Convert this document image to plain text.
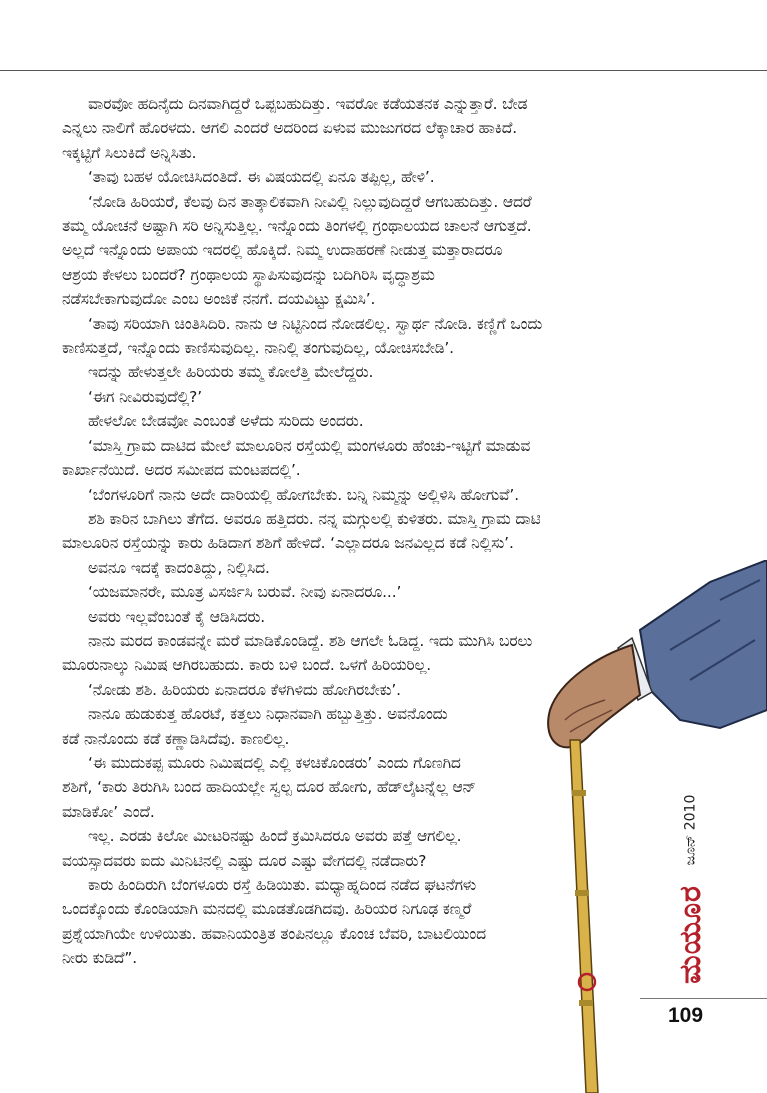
ವಾರವೋ ಹದಿನೈದು ದಿನವಾಗಿದ್ದರೆ ಒಪ್ಪಬಹುದಿತ್ತು. ಇವರೋ ಕಡೆಯತನಕ ಎನ್ನುತ್ತಾರೆ. ಬೇಡ
ಎನ್ನಲು ನಾಲಿಗೆ ಹೊರಳದು. ಆಗಲಿ ಎಂದರೆ ಅದರಿಂದ ಏಳುವ ಮುಜುಗರದ ಲೆಕ್ಕಾಚಾರ ಹಾಕಿದೆ.
ಇಕ್ಕಟ್ಟಿಗೆ ಸಿಲುಕಿದೆ ಅನ್ನಿಸಿತು.

‘ತಾವು ಬಹಳ ಯೋಚಿಸಿದಂತಿದೆ. ಈ ವಿಷಯದಲ್ಲಿ ಏನೂ ತಪ್ಪಿಲ್ಲ, ಹೇಳಿ’.

‘ನೋಡಿ ಹಿರಿಯರೆ, ಕೆಲವು ದಿನ ತಾತ್ಕಾಲಿಕವಾಗಿ ನೀವಿಲ್ಲಿ ನಿಲ್ಲುವುದಿದ್ದರೆ ಆಗಬಹುದಿತ್ತು. ಆದರೆ
ತಮ್ಮ ಯೋಚನೆ ಅಷ್ಟಾಗಿ ಸರಿ ಅನ್ನಿಸುತ್ತಿಲ್ಲ. ಇನ್ನೊಂದು ತಿಂಗಳಲ್ಲಿ ಗ್ರಂಥಾಲಯದ ಚಾಲನೆ ಆಗುತ್ತದೆ.
ಅಲ್ಲದೆ ಇನ್ನೊಂದು ಅಪಾಯ ಇದರಲ್ಲಿ ಹೊಕ್ಕಿದೆ. ನಿಮ್ಮ ಉದಾಹರಣೆ ನೀಡುತ್ತ ಮತ್ತಾರಾದರೂ
ಆಶ್ರಯ ಕೇಳಲು ಬಂದರೆ? ಗ್ರಂಥಾಲಯ ಸ್ಥಾಪಿಸುವುದನ್ನು ಬದಿಗಿರಿಸಿ ವೃದ್ಧಾಶ್ರಮ
ನಡೆಸಬೇಕಾಗುವುದೋ ಎಂಬ ಅಂಜಿಕೆ ನನಗೆ. ದಯವಿಟ್ಟು ಕ್ಷಮಿಸಿ’.

‘ತಾವು ಸರಿಯಾಗಿ ಚಿಂತಿಸಿದಿರಿ. ನಾನು ಆ ನಿಟ್ಟಿನಿಂದ ನೋಡಲಿಲ್ಲ. ಸ್ವಾರ್ಥ ನೋಡಿ. ಕಣ್ಣಿಗೆ ಒಂದು
ಕಾಣಿಸುತ್ತದೆ, ಇನ್ನೊಂದು ಕಾಣಿಸುವುದಿಲ್ಲ. ನಾನಿಲ್ಲಿ ತಂಗುವುದಿಲ್ಲ, ಯೋಚಿಸಬೇಡಿ’.

ಇದನ್ನು ಹೇಳುತ್ತಲೇ ಹಿರಿಯರು ತಮ್ಮ ಕೋಲೆತ್ತಿ ಮೇಲೆದ್ದರು.

‘ಈಗ ನೀವಿರುವುದೆಲ್ಲಿ?’

ಹೇಳಲೋ ಬೇಡವೋ ಎಂಬಂತೆ ಅಳೆದು ಸುರಿದು ಅಂದರು.

‘ಮಾಸ್ತಿ ಗ್ರಾಮ ದಾಟಿದ ಮೇಲೆ ಮಾಲೂರಿನ ರಸ್ತೆಯಲ್ಲಿ ಮಂಗಳೂರು ಹೆಂಚು-ಇಟ್ಟಿಗೆ ಮಾಡುವ
ಕಾರ್ಖಾನೆಯಿದೆ. ಅದರ ಸಮೀಪದ ಮಂಟಪದಲ್ಲಿ’.

‘ಬೆಂಗಳೂರಿಗೆ ನಾನು ಅದೇ ದಾರಿಯಲ್ಲಿ ಹೋಗಬೇಕು. ಬನ್ನಿ ನಿಮ್ಮನ್ನು ಅಲ್ಲಿಳಿಸಿ ಹೋಗುವೆ’.

ಶಶಿ ಕಾರಿನ ಬಾಗಿಲು ತೆಗೆದ. ಅವರೂ ಹತ್ತಿದರು. ನನ್ನ ಮಗ್ಗುಲಲ್ಲಿ ಕುಳಿತರು. ಮಾಸ್ತಿ ಗ್ರಾಮ ದಾಟಿ
ಮಾಲೂರಿನ ರಸ್ತೆಯನ್ನು ಕಾರು ಹಿಡಿದಾಗ ಶಶಿಗೆ ಹೇಳಿದೆ. ‘ಎಲ್ಲಾದರೂ ಜನವಿಲ್ಲದ ಕಡೆ ನಿಲ್ಲಿಸು’.

ಅವನೂ ಇದಕ್ಕೆ ಕಾದಂತಿದ್ದು, ನಿಲ್ಲಿಸಿದ.

‘ಯಜಮಾನರೇ, ಮೂತ್ರ ವಿಸರ್ಜಿಸಿ ಬರುವೆ. ನೀವು ಏನಾದರೂ...’

ಅವರು ಇಲ್ಲವೆಂಬಂತೆ ಕೈ ಆಡಿಸಿದರು.

ನಾನು ಮರದ ಕಾಂಡವನ್ನೇ ಮರೆ ಮಾಡಿಕೊಂಡಿದ್ದೆ. ಶಶಿ ಆಗಲೇ ಓಡಿದ್ದ. ಇದು ಮುಗಿಸಿ ಬರಲು
ಮೂರುನಾಲ್ಕು ನಿಮಿಷ ಆಗಿರಬಹುದು. ಕಾರು ಬಳಿ ಬಂದೆ. ಒಳಗೆ ಹಿರಿಯರಿಲ್ಲ.

‘ನೋಡು ಶಶಿ. ಹಿರಿಯರು ಏನಾದರೂ ಕೆಳಗಿಳಿದು ಹೋಗಿರಬೇಕು’.

ನಾನೂ ಹುಡುಕುತ್ತ ಹೊರಟೆ, ಕತ್ತಲು ನಿಧಾನವಾಗಿ ಹಬ್ಬುತ್ತಿತ್ತು. ಅವನೊಂದು
ಕಡೆ ನಾನೊಂದು ಕಡೆ ಕಣ್ಣಾಡಿಸಿದೆವು. ಕಾಣಲಿಲ್ಲ.

‘ಈ ಮುದುಕಪ್ಪ ಮೂರು ನಿಮಿಷದಲ್ಲಿ ಎಲ್ಲಿ ಕಳಚಿಕೊಂಡರು’ ಎಂದು ಗೊಣಗಿದ
ಶಶಿಗೆ, ‘ಕಾರು ತಿರುಗಿಸಿ ಬಂದ ಹಾದಿಯಲ್ಲೇ ಸ್ವಲ್ಪ ದೂರ ಹೋಗು, ಹೆಡ್‌ಲೈಟನ್ನೆಲ್ಲ ಆನ್
ಮಾಡಿಕೋ’ ಎಂದೆ.

ಇಲ್ಲ. ಎರಡು ಕಿಲೋ ಮೀಟರಿನಷ್ಟು ಹಿಂದೆ ಕ್ರಮಿಸಿದರೂ ಅವರು ಪತ್ತೆ ಆಗಲಿಲ್ಲ.
ವಯಸ್ಸಾದವರು ಐದು ಮಿನಿಟಿನಲ್ಲಿ ಎಷ್ಟು ದೂರ ಎಷ್ಟು ವೇಗದಲ್ಲಿ ನಡೆದಾರು?

ಕಾರು ಹಿಂದಿರುಗಿ ಬೆಂಗಳೂರು ರಸ್ತೆ ಹಿಡಿಯಿತು. ಮಧ್ಯಾಹ್ನದಿಂದ ನಡೆದ ಘಟನೆಗಳು
ಒಂದಕ್ಕೊಂದು ಕೊಂಡಿಯಾಗಿ ಮನದಲ್ಲಿ ಮೂಡತೊಡಗಿದವು. ಹಿರಿಯರ ನಿಗೂಢ ಕಣ್ಮರೆ
ಪ್ರಶ್ನೆಯಾಗಿಯೇ ಉಳಿಯಿತು. ಹವಾನಿಯಂತ್ರಿತ ತಂಪಿನಲ್ಲೂ ಕೊಂಚ ಬೆವರಿ, ಬಾಟಲಿಯಿಂದ
ನೀರು ಕುಡಿದೆ”.

ಜೂನ್ 2010
ಮಯೂರ
109
